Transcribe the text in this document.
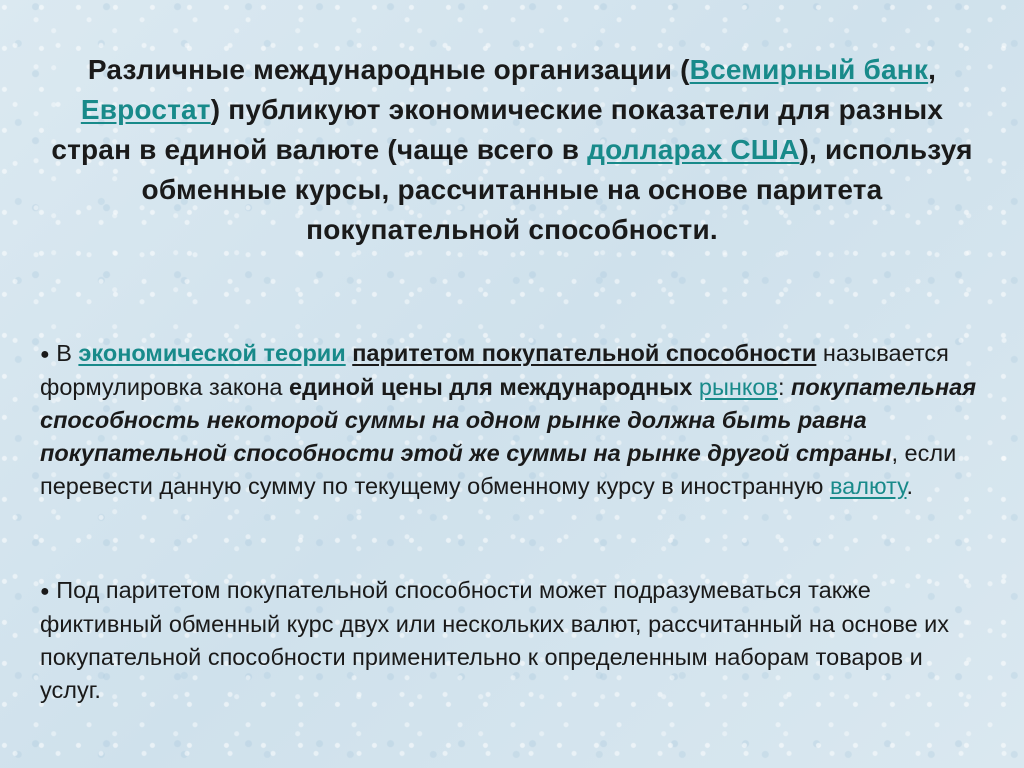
Различные международные организации (Всемирный банк, Евростат) публикуют экономические показатели для разных стран в единой валюте (чаще всего в долларах США), используя обменные курсы, рассчитанные на основе паритета покупательной способности.
● В экономической теории паритетом покупательной способности называется формулировка закона единой цены для международных рынков: покупательная способность некоторой суммы на одном рынке должна быть равна покупательной способности этой же суммы на рынке другой страны, если перевести данную сумму по текущему обменному курсу в иностранную валюту.
● Под паритетом покупательной способности может подразумеваться также фиктивный обменный курс двух или нескольких валют, рассчитанный на основе их покупательной способности применительно к определенным наборам товаров и услуг.
